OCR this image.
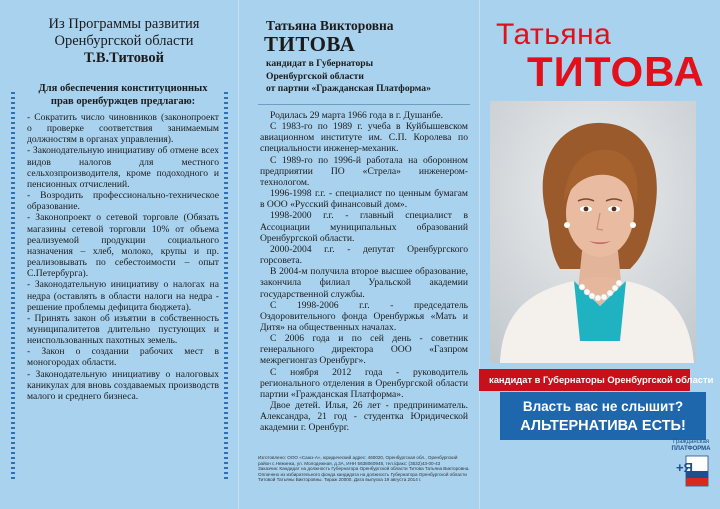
Из Программы развития
Оренбургской области
Т.В.Титовой
Для обеспечения конституционных прав оренбуржцев предлагаю:

- Сократить число чиновников (законопроект о проверке соответствия занимаемым должностям в органах управления).

- Законодательную инициативу об отмене всех видов налогов для местного сельхозпроизводителя, кроме подоходного и пенсионных отчислений.

- Возродить профессионально-техническое образование.

- Законопроект о сетевой торговле (Обязать магазины сетевой торговли 10% от объема реализуемой продукции социального назначения – хлеб, молоко, крупы и пр. реализовывать по себестоимости – опыт С.Петербурга).

- Законодательную инициативу о налогах на недра (оставлять в области налоги на недра - решение проблемы дефицита бюджета).

- Принять закон об изъятии в собственность муниципалитетов длительно пустующих и неиспользованных пахотных земель.

- Закон о создании рабочих мест в моногородах области.

- Законодательную инициативу о налоговых каникулах для вновь создаваемых производств малого и среднего бизнеса.

Татьяна Викторовна
ТИТОВА
кандидат в Губернаторы
Оренбургской области
от партии «Гражданская Платформа»

Родилась 29 марта 1966 года в г. Душанбе.

С 1983-го по 1989 г. учеба в Куйбышевском авиационном институте им. С.П. Королева по специальности инженер-механик.

С 1989-го по 1996-й работала на оборонном предприятии ПО «Стрела» инженером-технологом.

1996-1998 г.г. - специалист по ценным бумагам в ООО «Русский финансовый дом».

1998-2000 г.г. - главный специалист в Ассоциации муниципальных образований Оренбургской области.

2000-2004 г.г. - депутат Оренбургского горсовета.

В 2004-м получила второе высшее образование, закончила филиал Уральской академии государственной службы.

С 1998-2006 г.г. - председатель Оздоровительного фонда Оренбуржья «Мать и Дитя» на общественных началах.

С 2006 года и по сей день - советник генерального директора ООО «Газпром межрегионгаз Оренбург».

С ноября 2012 года - руководитель регионального отделения в Оренбургской области партии «Гражданская Платформа».

Двое детей. Илья, 26 лет - предприниматель. Александра, 21 год - студентка Юридической академии г. Оренбург.

Изготовлено: ООО «Саюз-А», юридический адрес: 460020, Оренбургская обл., Оренбургский

район с.Нежинка, ул. Молодежная, д.3А, ИНН 5638060948, тел./факс: (3532)43-00-43

Заказчик: Кандидат на должность Губернатора Оренбургской области Титова Татьяна Викторовна.

Оплачено из избирательного фонда кандидата на должность Губернатора Оренбургской области

Титовой Татьяны Викторовны. Тираж 20000. Дата выпуска 19 августа 2014 г.

Татьяна
ТИТОВА
кандидат в Губернаторы Оренбургской области
Власть вас не слышит?
АЛЬТЕРНАТИВА ЕСТЬ!
Гражданская
ПЛАТФОРМА
+Я
